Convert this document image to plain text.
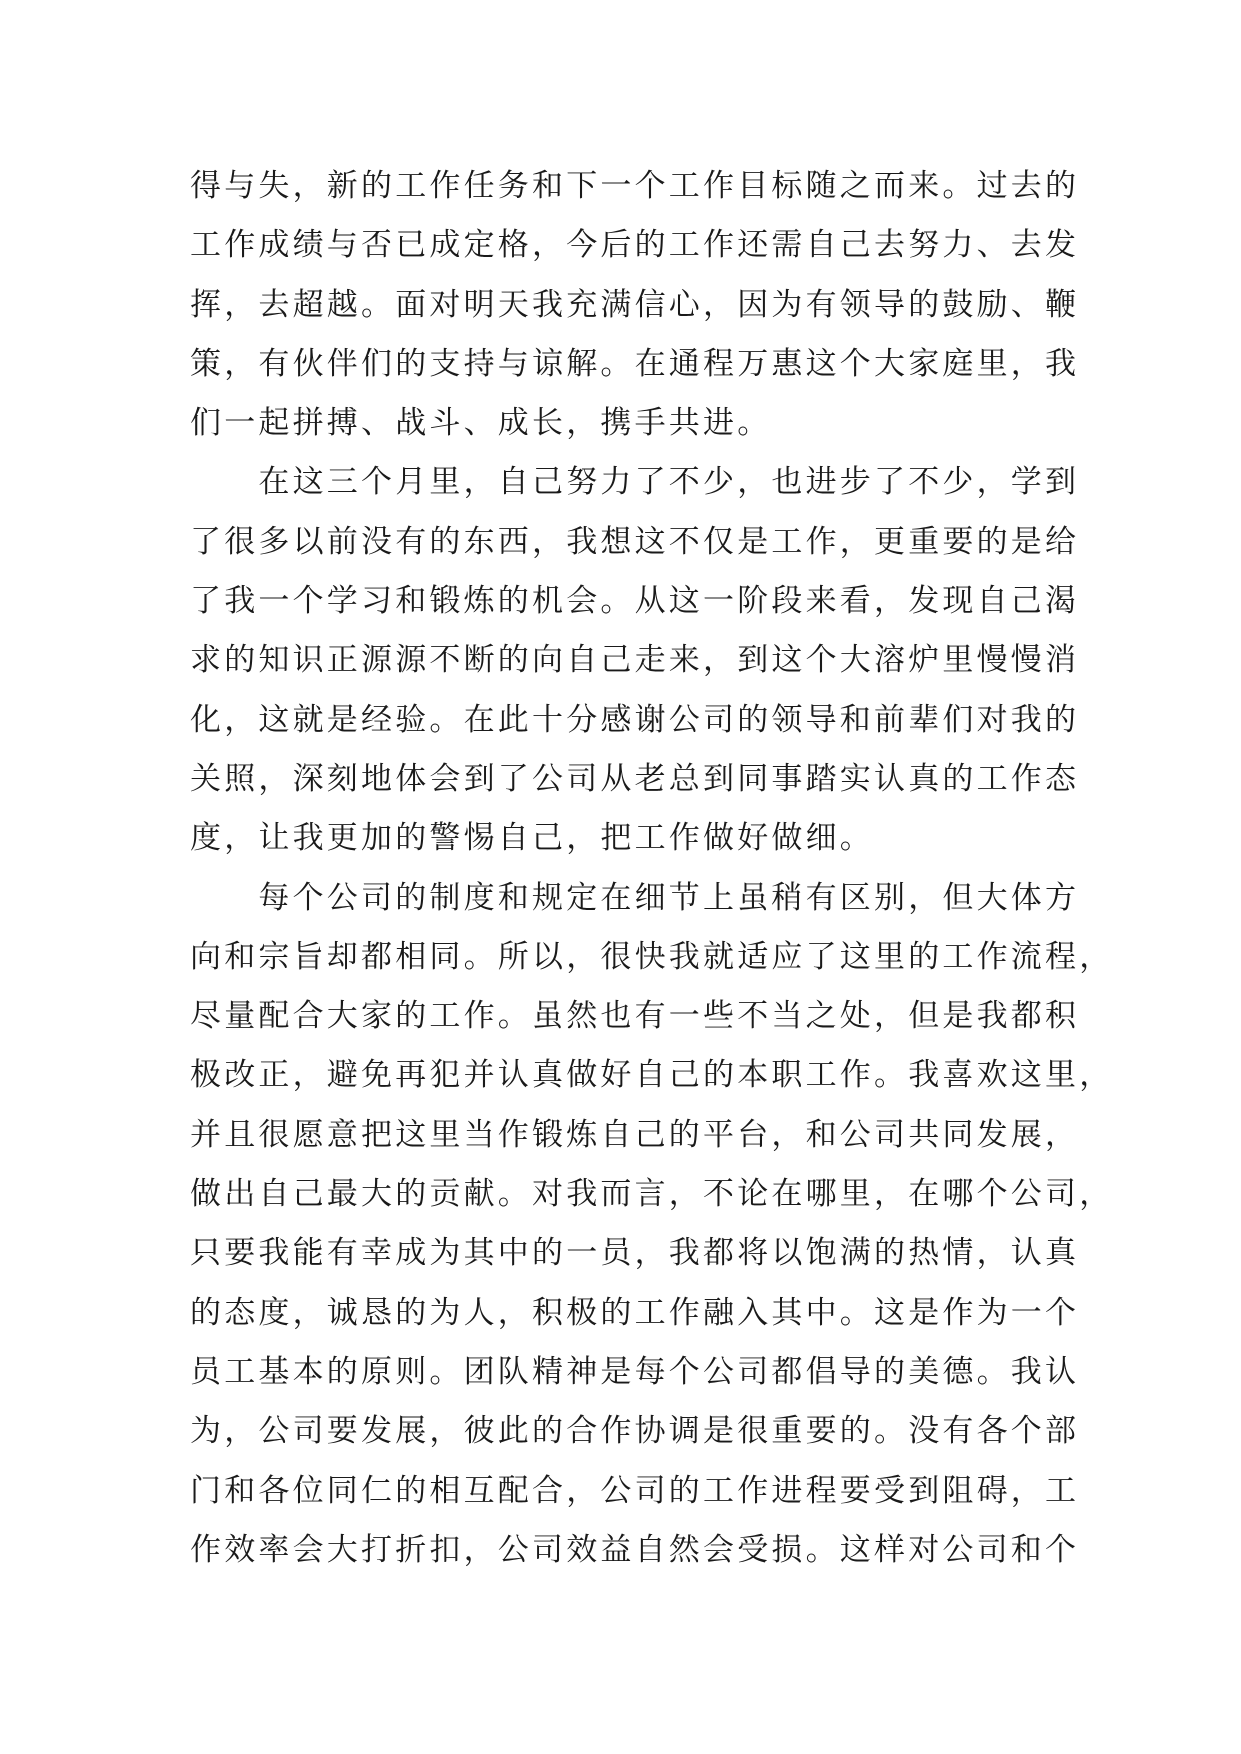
得与失，新的工作任务和下一个工作目标随之而来。过去的
工作成绩与否已成定格，今后的工作还需自己去努力、去发
挥，去超越。面对明天我充满信心，因为有领导的鼓励、鞭
策，有伙伴们的支持与谅解。在通程万惠这个大家庭里，我
们一起拼搏、战斗、成长，携手共进。
　　在这三个月里，自己努力了不少，也进步了不少，学到
了很多以前没有的东西，我想这不仅是工作，更重要的是给
了我一个学习和锻炼的机会。从这一阶段来看，发现自己渴
求的知识正源源不断的向自己走来，到这个大溶炉里慢慢消
化，这就是经验。在此十分感谢公司的领导和前辈们对我的
关照，深刻地体会到了公司从老总到同事踏实认真的工作态
度，让我更加的警惕自己，把工作做好做细。
　　每个公司的制度和规定在细节上虽稍有区别，但大体方
向和宗旨却都相同。所以，很快我就适应了这里的工作流程，
尽量配合大家的工作。虽然也有一些不当之处，但是我都积
极改正，避免再犯并认真做好自己的本职工作。我喜欢这里，
并且很愿意把这里当作锻炼自己的平台，和公司共同发展，
做出自己最大的贡献。对我而言，不论在哪里，在哪个公司，
只要我能有幸成为其中的一员，我都将以饱满的热情，认真
的态度，诚恳的为人，积极的工作融入其中。这是作为一个
员工基本的原则。团队精神是每个公司都倡导的美德。我认
为，公司要发展，彼此的合作协调是很重要的。没有各个部
门和各位同仁的相互配合，公司的工作进程要受到阻碍，工
作效率会大打折扣，公司效益自然会受损。这样对公司和个
